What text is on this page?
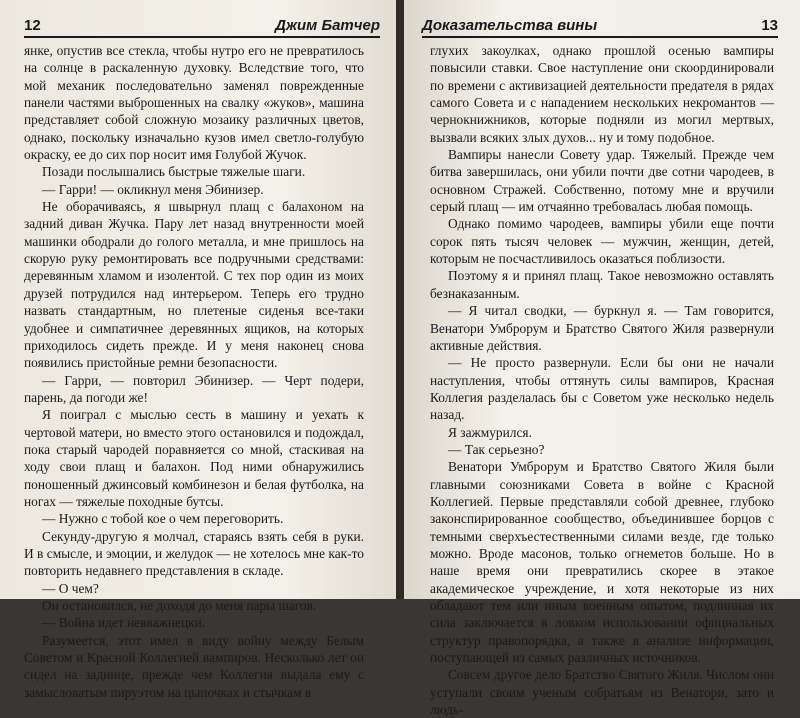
12	Джим Батчер

янке, опустив все стекла, чтобы нутро его не превратилось на солнце в раскаленную духовку. Вследствие того, что мой механик последовательно заменял поврежденные панели частями выброшенных на свалку «жуков», машина представляет собой сложную мозаику различных цветов, однако, поскольку изначально кузов имел светло-голубую окраску, ее до сих пор носит имя Голубой Жучок.

Позади послышались быстрые тяжелые шаги.

— Гарри! — окликнул меня Эбинизер.

Не оборачиваясь, я швырнул плащ с балахоном на задний диван Жучка. Пару лет назад внутренности моей машинки ободрали до голого металла, и мне пришлось на скорую руку ремонтировать все подручными средствами: деревянным хламом и изолентой. С тех пор один из моих друзей потрудился над интерьером. Теперь его трудно назвать стандартным, но плетеные сиденья все-таки удобнее и симпатичнее деревянных ящиков, на которых приходилось сидеть прежде. И у меня наконец снова появились пристойные ремни безопасности.

— Гарри, — повторил Эбинизер. — Черт подери, парень, да погоди же!

Я поиграл с мыслью сесть в машину и уехать к чертовой матери, но вместо этого остановился и подождал, пока старый чародей поравняется со мной, стаскивая на ходу свои плащ и балахон. Под ними обнаружились поношенный джинсовый комбинезон и белая футболка, на ногах — тяжелые походные бутсы.

— Нужно с тобой кое о чем переговорить.

Секунду-другую я молчал, стараясь взять себя в руки. И в смысле, и эмоции, и желудок — не хотелось мне как-то повторить недавнего представления в складе.

— О чем?

Он остановился, не доходя до меня пары шагов.

— Война идет невважнецки.

Разумеется, этот имел в виду войну между Белым Советом и Красной Коллегией вампиров. Несколько лет он сидел на заднице, прежде чем Коллегия выдала ему с замысловатым пируэтом на цыпочках и стычкам в

Доказательства вины	13

глухих закоулках, однако прошлой осенью вампиры повысили ставки. Свое наступление они скоординировали по времени с активизацией деятельности предателя в рядах самого Совета и с нападением нескольких некромантов — чернокнижников, которые подняли из могил мертвых, вызвали всяких злых духов... ну и тому подобное.

Вампиры нанесли Совету удар. Тяжелый. Прежде чем битва завершилась, они убили почти две сотни чародеев, в основном Стражей. Собственно, потому мне и вручили серый плащ — им отчаянно требовалась любая помощь.

Однако помимо чародеев, вампиры убили еще почти сорок пять тысяч человек — мужчин, женщин, детей, которым не посчастливилось оказаться поблизости.

Поэтому я и принял плащ. Такое невозможно оставлять безнаказанным.

— Я читал сводки, — буркнул я. — Там говорится, Венатори Умброрум и Братство Святого Жиля развернули активные действия.

— Не просто развернули. Если бы они не начали наступления, чтобы оттянуть силы вампиров, Красная Коллегия разделалась бы с Советом уже несколько недель назад.

Я зажмурился.

— Так серьезно?

Венатори Умброрум и Братство Святого Жиля были главными союзниками Совета в войне с Красной Коллегией. Первые представляли собой древнее, глубоко законспирированное сообщество, объединившее борцов с темными сверхъестественными силами везде, где только можно. Вроде масонов, только огнеметов больше. Но в наше время они превратились скорее в этакое академическое учреждение, и хотя некоторые из них обладают тем или иным военным опытом, подлинная их сила заключается в ловком использовании официальных структур правопорядка, а также в анализе информации, поступающей из самых различных источников.

Совсем другое дело Братство Святого Жиля. Числом они уступали своим ученым собратьям из Венатори, зато и людь-
